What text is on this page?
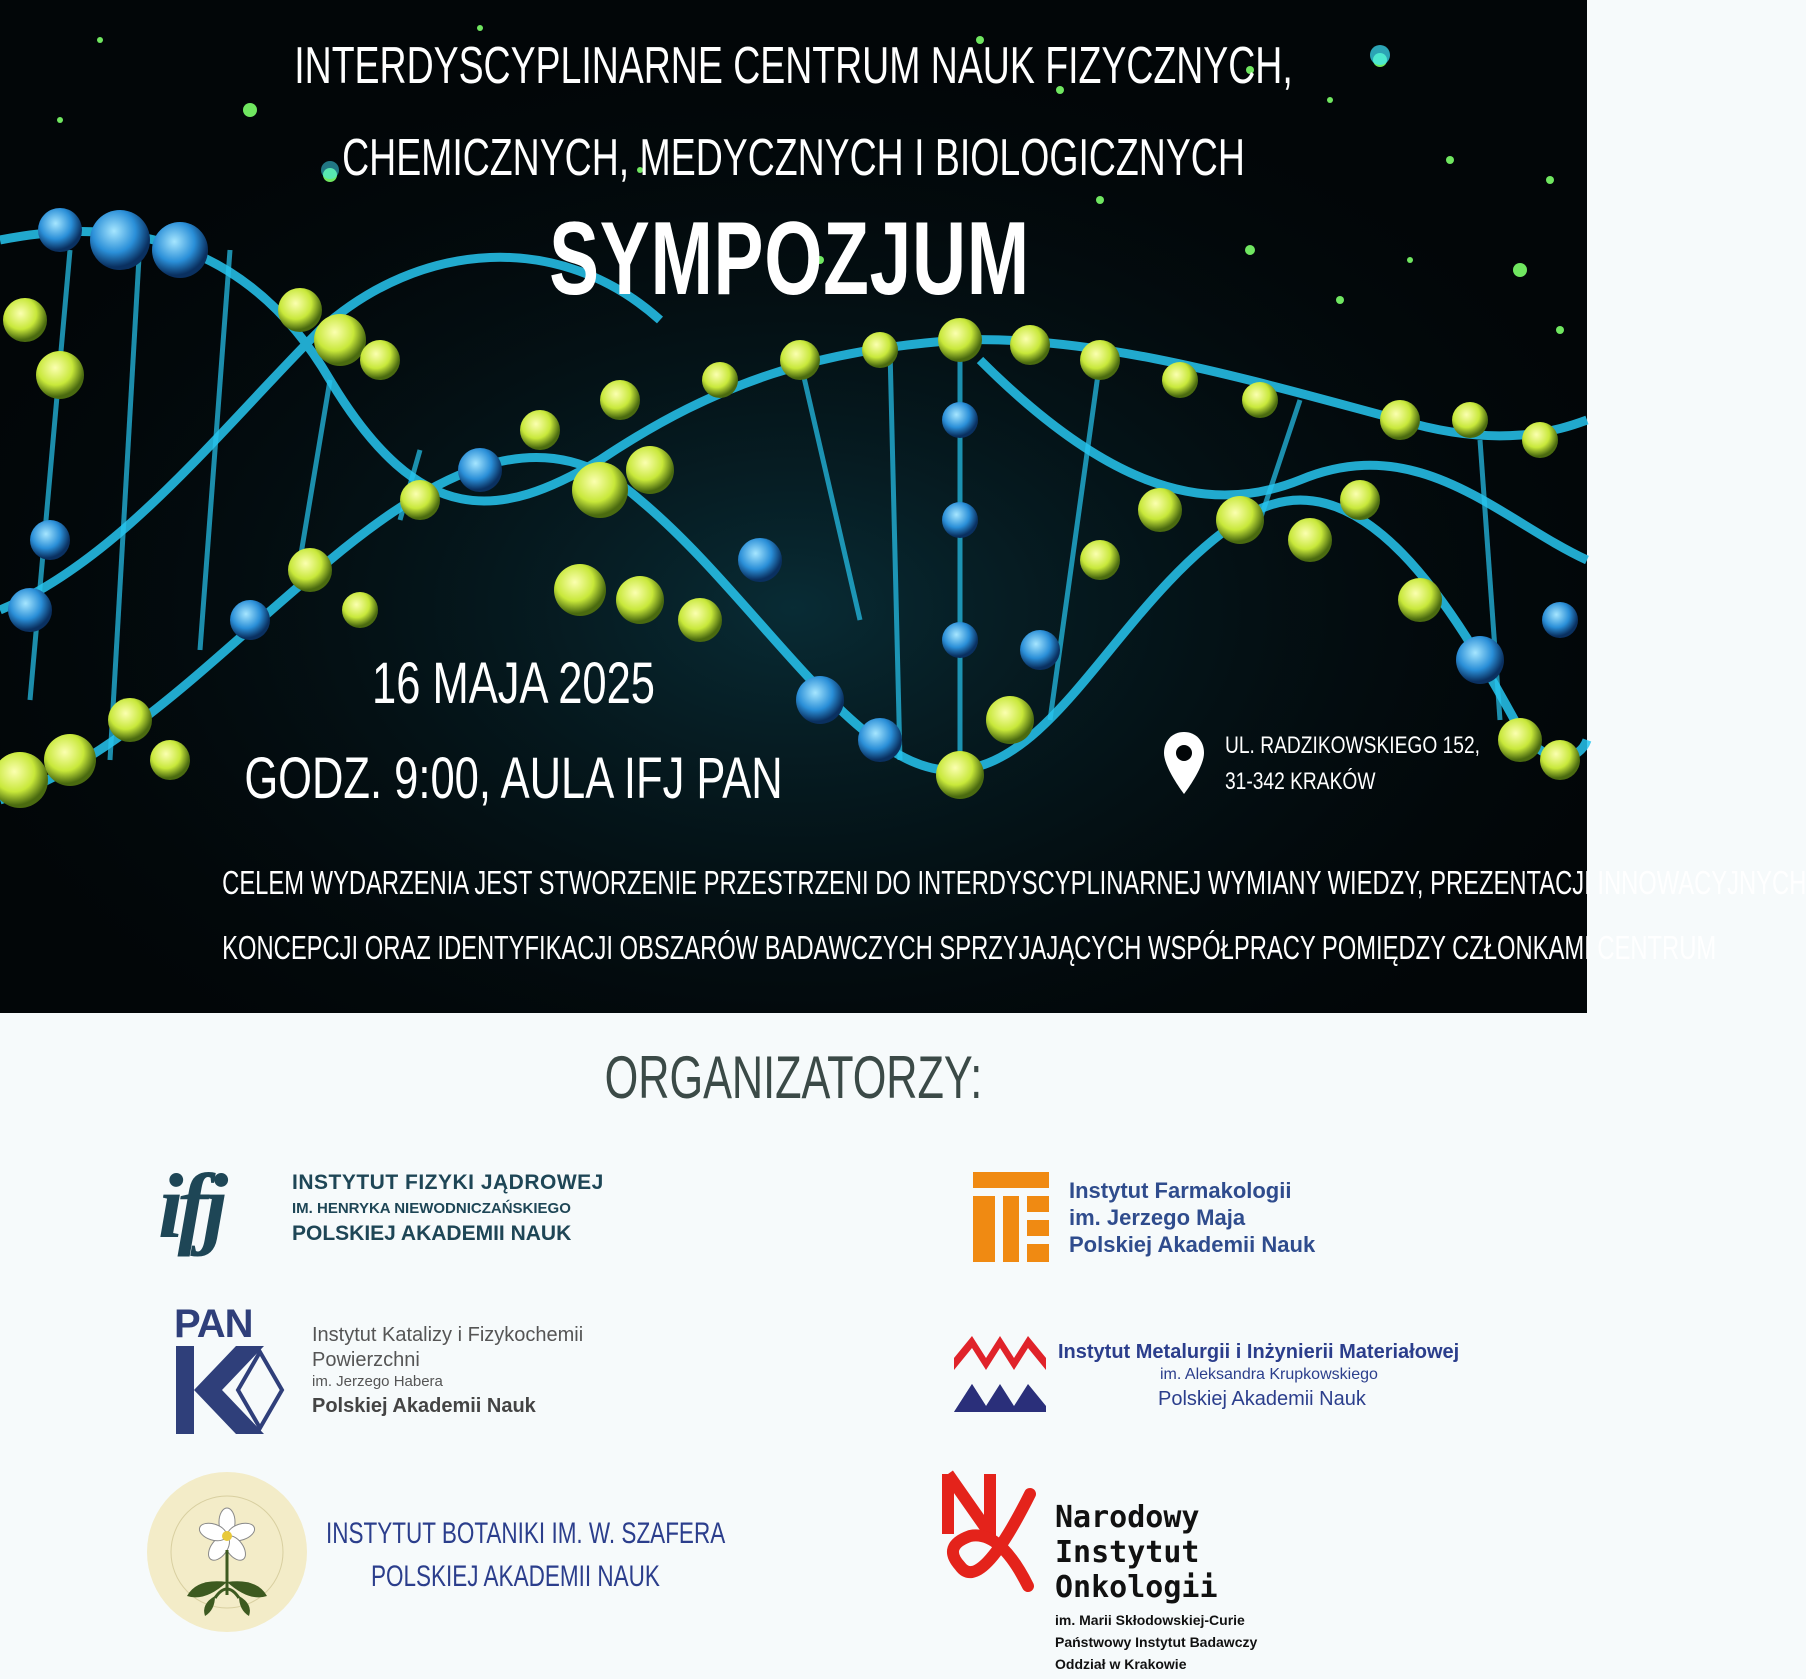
INTERDYSCYPLINARNE CENTRUM NAUK FIZYCZNYCH,
CHEMICZNYCH, MEDYCZNYCH I BIOLOGICZNYCH
SYMPOZJUM
16 MAJA 2025
GODZ. 9:00, AULA IFJ PAN
UL. RADZIKOWSKIEGO 152,
31-342 KRAKÓW
CELEM WYDARZENIA JEST STWORZENIE PRZESTRZENI DO INTERDYSCYPLINARNEJ WYMIANY WIEDZY, PREZENTACJI INNOWACYJNYCH
KONCEPCJI ORAZ IDENTYFIKACJI OBSZARÓW BADAWCZYCH SPRZYJAJĄCYCH WSPÓŁPRACY POMIĘDZY CZŁONKAMI CENTRUM
ORGANIZATORZY:
ifj	INSTYTUT FIZYKI JĄDROWEJ
IM. HENRYKA NIEWODNICZAŃSKIEGO
POLSKIEJ AKADEMII NAUK
Instytut Farmakologii
im. Jerzego Maja
Polskiej Akademii Nauk
PAN	Instytut Katalizy i Fizykochemii
Powierzchni
im. Jerzego Habera
Polskiej Akademii Nauk
Instytut Metalurgii i Inżynierii Materiałowej
im. Aleksandra Krupkowskiego
Polskiej Akademii Nauk
INSTYTUT BOTANIKI IM. W. SZAFERA
POLSKIEJ AKADEMII NAUK
Narodowy
Instytut
Onkologii
im. Marii Skłodowskiej-Curie
Państwowy Instytut Badawczy
Oddział w Krakowie
